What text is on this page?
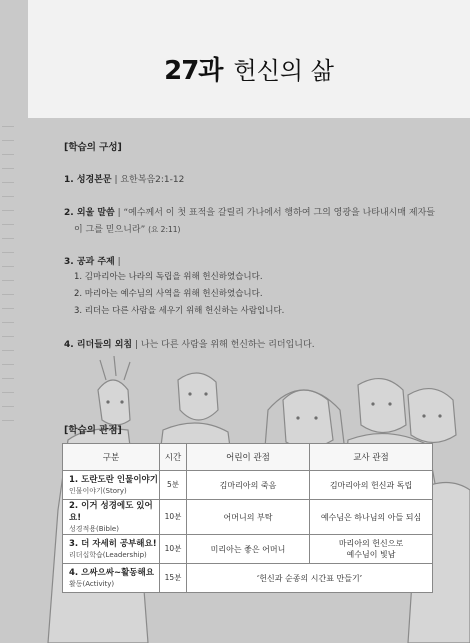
27과 헌신의 삶
[학습의 구성]
1. 성경본문 | 요한복음2:1-12
2. 외울 말씀 | “예수께서 이 첫 표적을 갈릴리 가나에서 행하여 그의 영광을 나타내시매 제자들
이 그를 믿으니라” (요 2:11)
3. 공과 주제 |
1. 김마리아는 나라의 독립을 위해 헌신하였습니다.
2. 마리아는 예수님의 사역을 위해 헌신하였습니다.
3. 리더는 다른 사람을 세우기 위해 헌신하는 사람입니다.
4. 리더들의 외침 | 나는 다른 사람을 위해 헌신하는 리더입니다.
[학습의 관점]
구분	시간	어린이 관점	교사 관점

1. 도란도란 인물이야기
인물이야기(Story)	5분	김마리아의 죽음	김마리아의 헌신과 독립

2. 이거 성경에도 있어요!
성경적용(Bible)	10분	어머니의 부탁	예수님은 하나님의 아들 되심

3. 더 자세히 공부해요!
리더십학습(Leadership)	10분	미리아는 좋은 어머니	마리아의 헌신으로
예수님이 빛남

4. 으싸으싸~활동해요
활동(Activity)	15분	‘헌신과 순종의 시간표 만들기’	
